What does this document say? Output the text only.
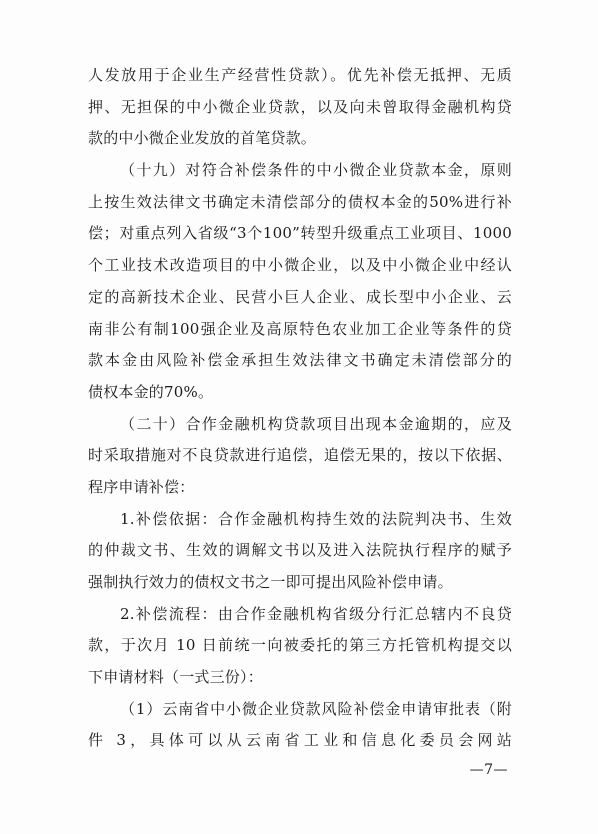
人发放用于企业生产经营性贷款）。优先补偿无抵押、无质
押、无担保的中小微企业贷款，以及向未曾取得金融机构贷
款的中小微企业发放的首笔贷款。
（十九）对符合补偿条件的中小微企业贷款本金，原则
上按生效法律文书确定未清偿部分的债权本金的50%进行补
偿；对重点列入省级“3个100”转型升级重点工业项目、1000
个工业技术改造项目的中小微企业，以及中小微企业中经认
定的高新技术企业、民营小巨人企业、成长型中小企业、云
南非公有制100强企业及高原特色农业加工企业等条件的贷
款本金由风险补偿金承担生效法律文书确定未清偿部分的
债权本金的70%。
（二十）合作金融机构贷款项目出现本金逾期的，应及
时采取措施对不良贷款进行追偿，追偿无果的，按以下依据、
程序申请补偿：
1.补偿依据：合作金融机构持生效的法院判决书、生效
的仲裁文书、生效的调解文书以及进入法院执行程序的赋予
强制执行效力的债权文书之一即可提出风险补偿申请。
2.补偿流程：由合作金融机构省级分行汇总辖内不良贷
款，于次月 10 日前统一向被委托的第三方托管机构提交以
下申请材料（一式三份）：
（1）云南省中小微企业贷款风险补偿金申请审批表（附
件 3，具体可以从云南省工业和信息化委员会网站
—7—
